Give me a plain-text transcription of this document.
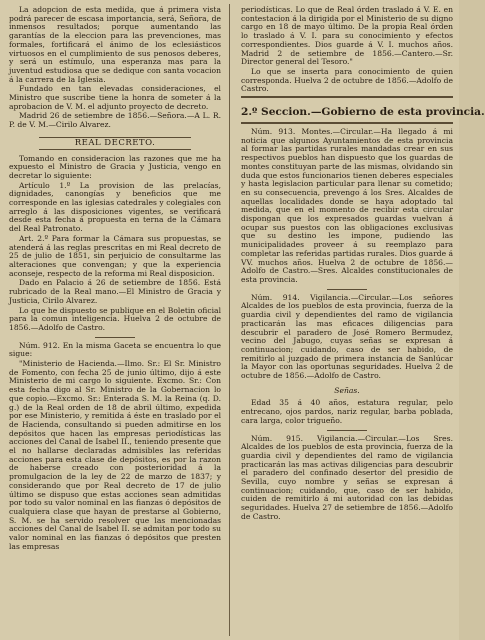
La adopcion de esta medida, que á primera vista podrá parecer de escasa importancia, será, Señora, de inmensos resultados; porque aumentando las garantías de la eleccion para las prevenciones, mas formales, fortificará el ánimo de los eclesiásticos virtuosos en el cumplimiento de sus penosos deberes, y será un estímulo, una esperanza mas para la juventud estudiosa que se dedique con santa vocacion á la carrera de la Iglesia.

Fundado en tan elevadas consideraciones, el Ministro que suscribe tiene la honra de someter á la aprobacion de V. M. el adjunto proyecto de decreto.

Madrid 26 de setiembre de 1856.—Señora.—A L. R. P. de V. M.—Cirilo Alvarez.

REAL DECRETO.

Tomando en consideracion las razones que me ha expuesto el Ministro de Gracia y Justicia, vengo en decretar lo siguiente:

Artículo 1.º La provision de las prelacías, dignidades, canongías y beneficios que me corresponde en las iglesias catedrales y colegiales con arreglo á las disposiciones vigentes, se verificará desde esta fecha á propuesta en terna de la Cámara del Real Patronato.

Art. 2.º Para formar la Cámara sus propuestas, se atenderá á las reglas prescritas en mi Real decreto de 25 de julio de 1851, sin perjuicio de consultarme las alteraciones que convengan; y que la experiencia aconseje, respecto de la reforma mi Real disposicion.

Dado en Palacio á 26 de setiembre de 1856. Está rubricado de la Real mano.—El Ministro de Gracia y Justicia, Cirilo Alvarez.

Lo que he dispuesto se publique en el Boletin oficial para la comun inteligencia. Huelva 2 de octubre de 1856.—Adolfo de Castro.

Núm. 912. En la misma Gaceta se encuentra lo que sigue:

"Ministerio de Hacienda.—Ilmo. Sr.: El Sr. Ministro de Fomento, con fecha 25 de junio último, dijo á este Ministerio de mi cargo lo siguiente. Excmo. Sr.: Con esta fecha digo al Sr. Ministro de la Gobernacion lo que copio.—Excmo. Sr.: Enterada S. M. la Reina (q. D. g.) de la Real orden de 18 de abril último, expedida por ese Ministerio, y remitida á éste en traslado por el de Hacienda, consultando si pueden admitirse en los depósitos que hacen las empresas periodísticas las acciones del Canal de Isabel II., teniendo presente que el no hallarse declaradas admisibles las referidas acciones para esta clase de depósitos, es por la razon de haberse creado con posterioridad á la promulgacion de la ley de 22 de marzo de 1837; y considerando que por Real decreto de 17 de julio último se dispuso que estas acciones sean admitidas por todo su valor nominal en las fianzas ó depósitos de cualquiera clase que hayan de prestarse al Gobierno, S. M. se ha servido resolver que las mencionadas acciones del Canal de Isabel II. se admitan por todo su valor nominal en las fianzas ó depósitos que presten las empresas

periodísticas. Lo que de Real órden traslado á V. E. en contestacion á la dirigida por el Ministerio de su digno cargo en 18 de mayo último. De la propia Real órden lo traslado á V. I. para su conocimiento y efectos correspondientes. Dios guarde á V. I. muchos años. Madrid 2 de setiembre de 1856.—Cantero.—Sr. Director general del Tesoro."

Lo que se inserta para conocimiento de quien corresponda. Huelva 2 de octubre de 1856.—Adolfo de Castro.

2.º Seccion.—Gobierno de esta provincia.

Núm. 913. Montes.—Circular.—Ha llegado á mi noticia que algunos Ayuntamientos de esta provincia al formar las partidas rurales mandadas crear en sus respectivos pueblos han dispuesto que los guardas de montes constituyan parte de las mismas, olvidando sin duda que estos funcionarios tienen deberes especiales y hasta legislacion particular para llenar su cometido; en su consecuencia, prevengo á los Sres. Alcaldes de aquellas localidades donde se haya adoptado tal medida, que en el momento de recibir esta circular dispongan que los expresados guardas vuelvan á ocupar sus puestos con las obligaciones exclusivas que su destino les impone, pudiendo las municipalidades proveer á su reemplazo para completar las referidas partidas rurales. Dios guarde á VV. muchos años. Huelva 2 de octubre de 1856.—Adolfo de Castro.—Sres. Alcaldes constitucionales de esta provincia.

Núm. 914. Vigilancia.—Circular.—Los señores Alcaldes de los pueblos de esta provincia, fuerza de la guardia civil y dependientes del ramo de vigilancia practicarán las mas eficaces diligencias para descubrir el paradero de José Romero Bermudez, vecino del Jabugo, cuyas señas se expresan á continuacion; cuidando, caso de ser habido, de remitirlo al juzgado de primera instancia de Sanlúcar la Mayor con las oportunas seguridades. Huelva 2 de octubre de 1856.—Adolfo de Castro.

Señas.

Edad 35 á 40 años, estatura regular, pelo entrecano, ojos pardos, nariz regular, barba poblada, cara larga, color trigueño.

Núm. 915. Vigilancia.—Circular.—Los Sres. Alcaldes de los pueblos de esta provincia, fuerza de la guardia civil y dependientes del ramo de vigilancia practicarán las mas activas diligencias para descubrir el paradero del confinado desertor del presidio de Sevilla, cuyo nombre y señas se expresan á continuacion; cuidando, que, caso de ser habido, cuiden de remitirlo á mi autoridad con las debidas seguridades. Huelva 27 de setiembre de 1856.—Adolfo de Castro.
